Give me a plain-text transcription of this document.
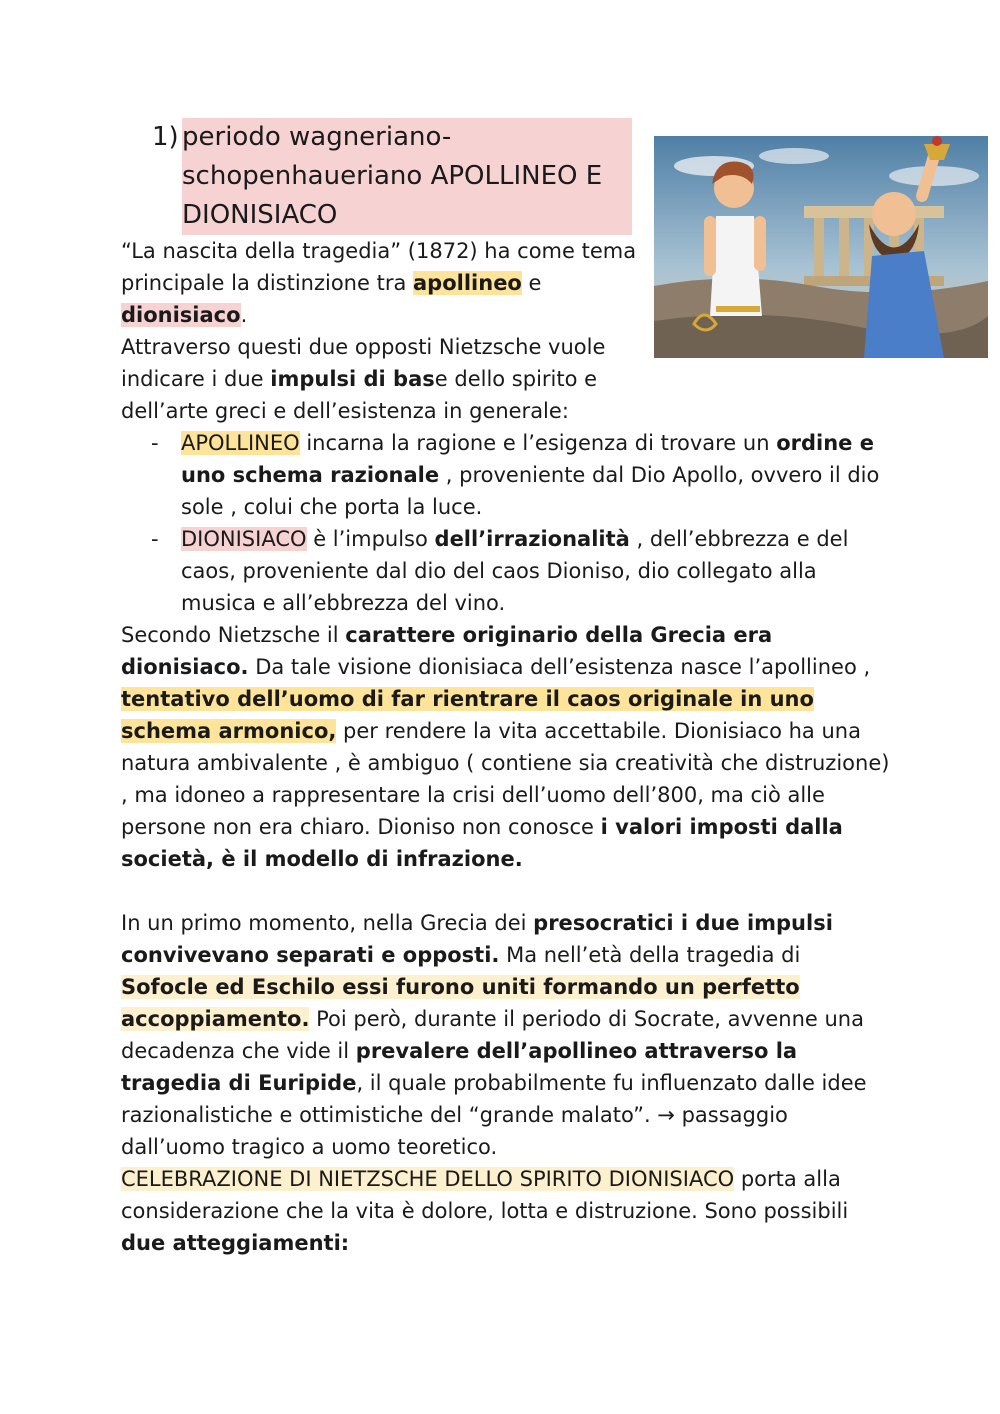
1) periodo wagneriano-schopenhaueriano APOLLINEO E DIONISIACO

“La nascita della tragedia” (1872) ha come tema principale la distinzione tra apollineo e dionisiaco.

Attraverso questi due opposti Nietzsche vuole indicare i due impulsi di base dello spirito e dell’arte greci e dell’esistenza in generale:

- APOLLINEO incarna la ragione e l’esigenza di trovare un ordine e uno schema razionale , proveniente dal Dio Apollo, ovvero il dio sole , colui che porta la luce.
- DIONISIACO è l’impulso dell’irrazionalità , dell’ebbrezza e del caos, proveniente dal dio del caos Dioniso, dio collegato alla musica e all’ebbrezza del vino.

Secondo Nietzsche il carattere originario della Grecia era dionisiaco. Da tale visione dionisiaca dell’esistenza nasce l’apollineo , tentativo dell’uomo di far rientrare il caos originale in uno schema armonico, per rendere la vita accettabile. Dionisiaco ha una natura ambivalente , è ambiguo ( contiene sia creatività che distruzione) , ma idoneo a rappresentare la crisi dell’uomo dell’800, ma ciò alle persone non era chiaro. Dioniso non conosce i valori imposti dalla società, è il modello di infrazione.

In un primo momento, nella Grecia dei presocratici i due impulsi convivevano separati e opposti. Ma nell’età della tragedia di Sofocle ed Eschilo essi furono uniti formando un perfetto accoppiamento. Poi però, durante il periodo di Socrate, avvenne una decadenza che vide il prevalere dell’apollineo attraverso la tragedia di Euripide, il quale probabilmente fu influenzato dalle idee razionalistiche e ottimistiche del “grande malato”. → passaggio dall’uomo tragico a uomo teoretico.

CELEBRAZIONE DI NIETZSCHE DELLO SPIRITO DIONISIACO porta alla considerazione che la vita è dolore, lotta e distruzione. Sono possibili due atteggiamenti:
